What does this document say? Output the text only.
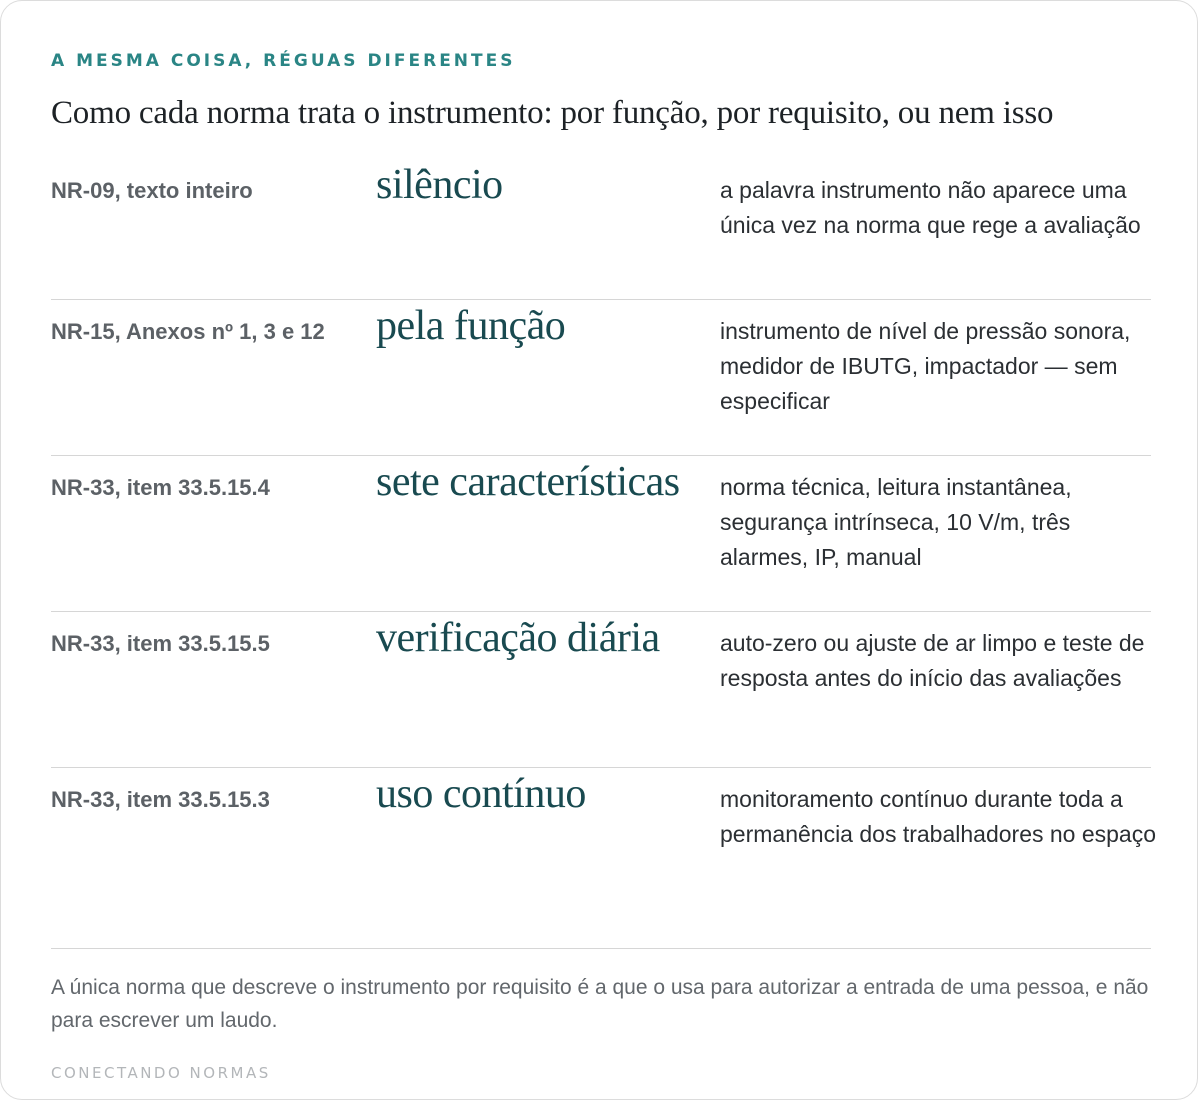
A MESMA COISA, RÉGUAS DIFERENTES
Como cada norma trata o instrumento: por função, por requisito, ou nem isso
NR-09, texto inteiro	silêncio	a palavra instrumento não aparece uma única vez na norma que rege a avaliação
NR-15, Anexos nº 1, 3 e 12	pela função	instrumento de nível de pressão sonora, medidor de IBUTG, impactador — sem especificar
NR-33, item 33.5.15.4	sete características	norma técnica, leitura instantânea, segurança intrínseca, 10 V/m, três alarmes, IP, manual
NR-33, item 33.5.15.5	verificação diária	auto-zero ou ajuste de ar limpo e teste de resposta antes do início das avaliações
NR-33, item 33.5.15.3	uso contínuo	monitoramento contínuo durante toda a permanência dos trabalhadores no espaço
A única norma que descreve o instrumento por requisito é a que o usa para autorizar a entrada de uma pessoa, e não para escrever um laudo.
CONECTANDO NORMAS
